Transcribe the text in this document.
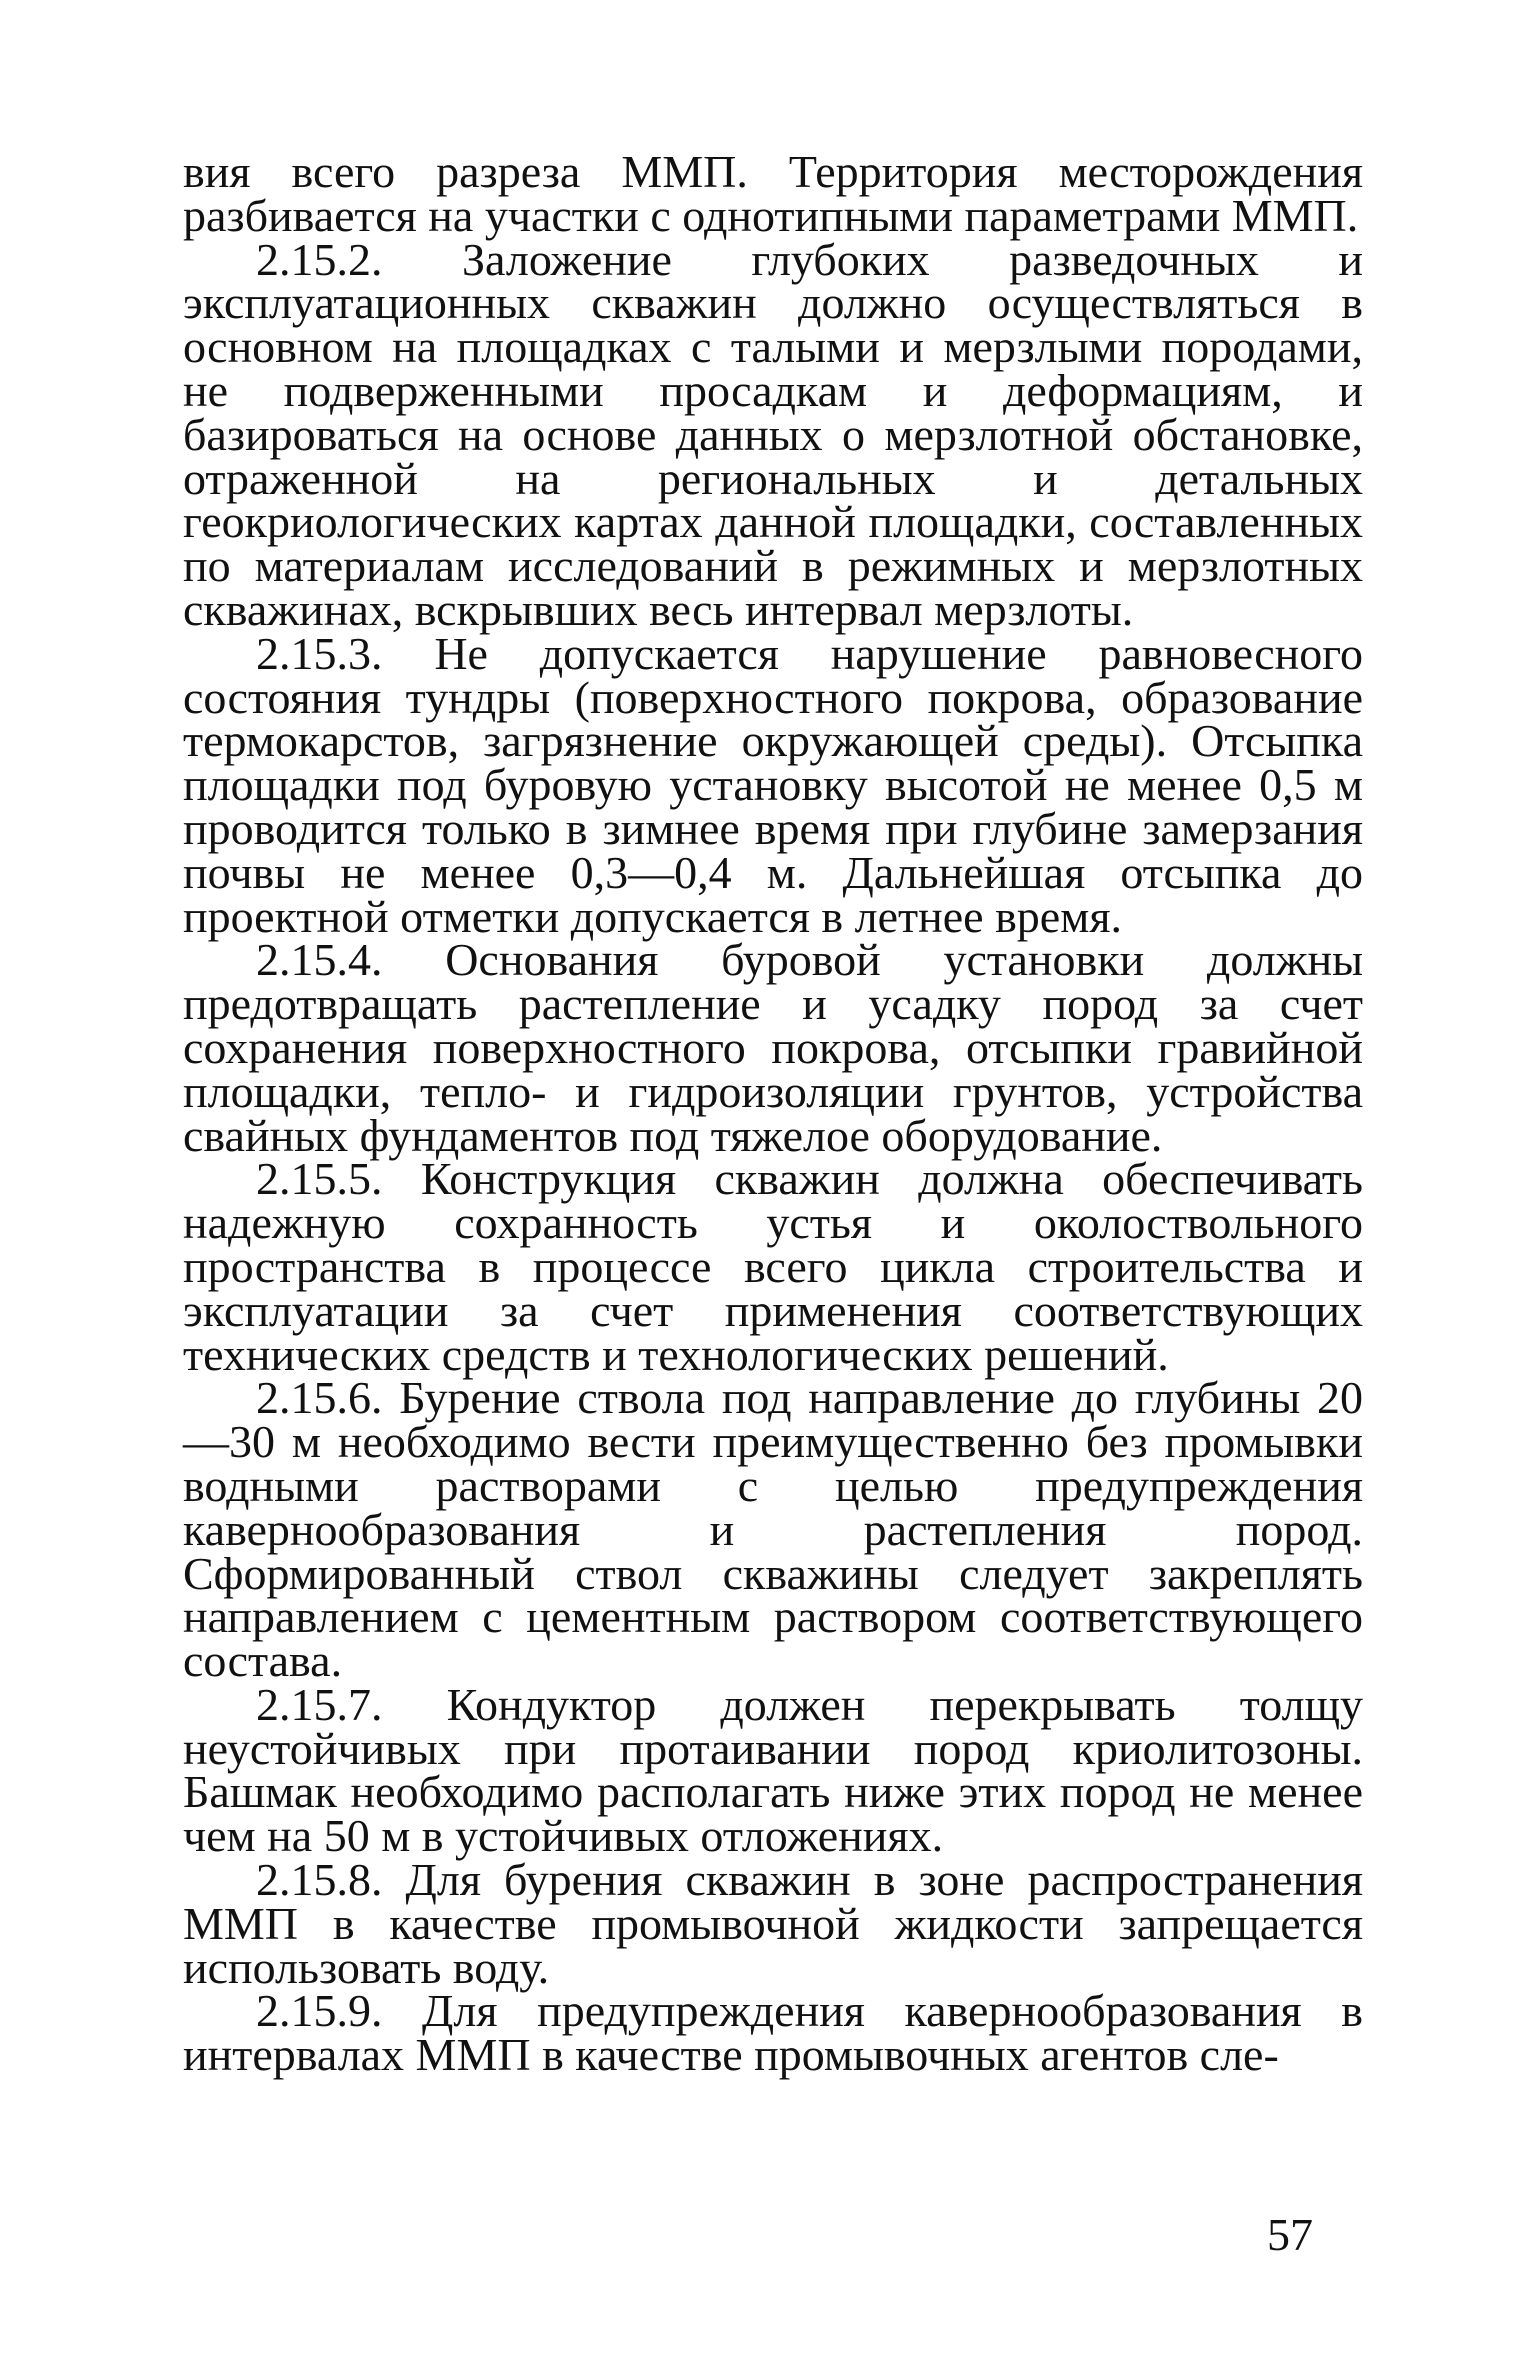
вия всего разреза ММП. Территория месторождения разбивается на участки с однотипными параметрами ММП.

2.15.2. Заложение глубоких разведочных и эксплуатационных скважин должно осуществляться в основном на площадках с талыми и мерзлыми породами, не подверженными просадкам и деформациям, и базироваться на основе данных о мерзлотной обстановке, отраженной на региональных и детальных геокриологических картах данной площадки, составленных по материалам исследований в режимных и мерзлотных скважинах, вскрывших весь интервал мерзлоты.

2.15.3. Не допускается нарушение равновесного состояния тундры (поверхностного покрова, образование термокарстов, загрязнение окружающей среды). Отсыпка площадки под буровую установку высотой не менее 0,5 м проводится только в зимнее время при глубине замерзания почвы не менее 0,3—0,4 м. Дальнейшая отсыпка до проектной отметки допускается в летнее время.

2.15.4. Основания буровой установки должны предотвращать растепление и усадку пород за счет сохранения поверхностного покрова, отсыпки гравийной площадки, тепло- и гидроизоляции грунтов, устройства свайных фундаментов под тяжелое оборудование.

2.15.5. Конструкция скважин должна обеспечивать надежную сохранность устья и околоствольного пространства в процессе всего цикла строительства и эксплуатации за счет применения соответствующих технических средств и технологических решений.

2.15.6. Бурение ствола под направление до глубины 20—30 м необходимо вести преимущественно без промывки водными растворами с целью предупреждения кавернообразования и растепления пород. Сформированный ствол скважины следует закреплять направлением с цементным раствором соответствующего состава.

2.15.7. Кондуктор должен перекрывать толщу неустойчивых при протаивании пород криолитозоны. Башмак необходимо располагать ниже этих пород не менее чем на 50 м в устойчивых отложениях.

2.15.8. Для бурения скважин в зоне распространения ММП в качестве промывочной жидкости запрещается использовать воду.

2.15.9. Для предупреждения кавернообразования в интервалах ММП в качестве промывочных агентов сле-

57
